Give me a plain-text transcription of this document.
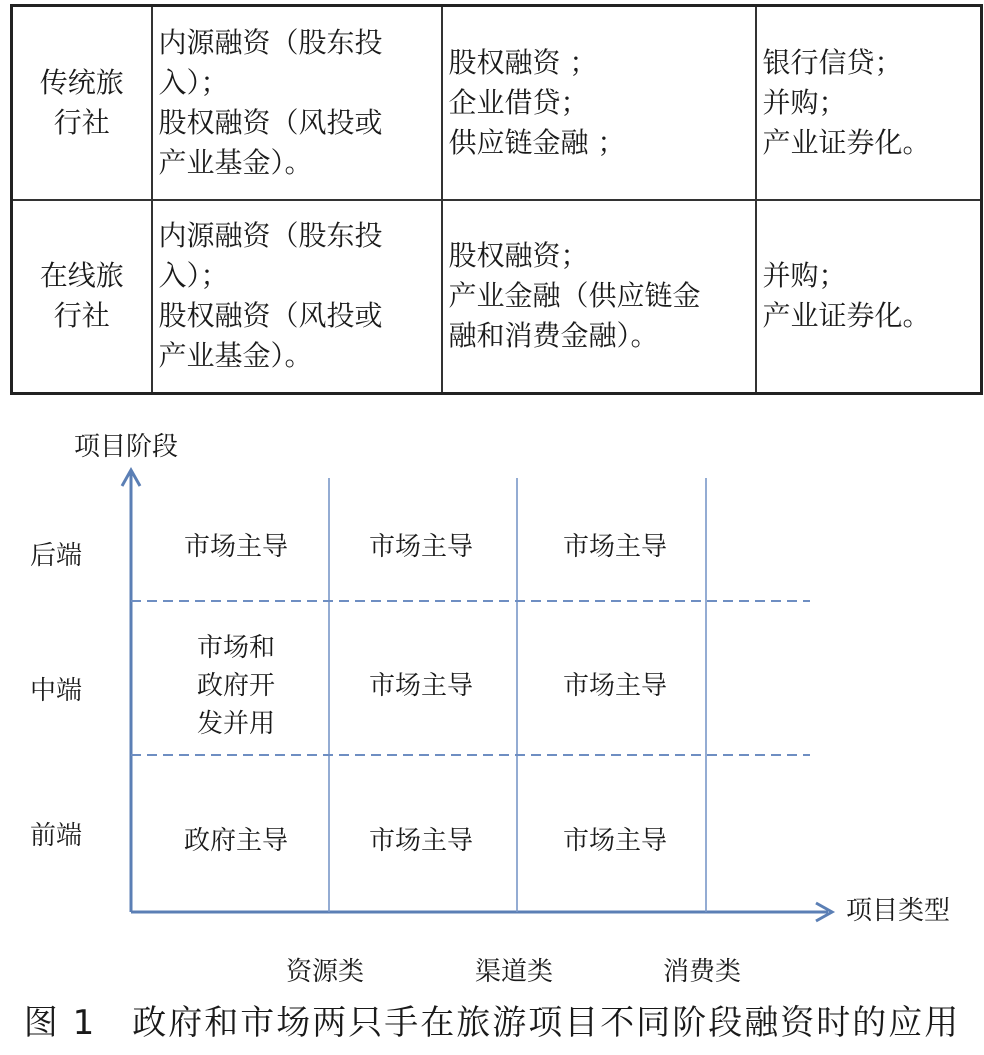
传统旅
行社	内源融资（股东投
入）；
股权融资（风投或
产业基金）。	股权融资 ；
企业借贷；
供应链金融 ；	银行信贷；
并购；
产业证券化。

在线旅
行社	内源融资（股东投
入）；
股权融资（风投或
产业基金）。	股权融资；
产业金融（供应链金
融和消费金融）。	并购；
产业证券化。
项目阶段
项目类型
后端
中端
前端
资源类	渠道类	消费类
市场主导	市场主导	市场主导
市场和
政府开
发并用
市场主导	市场主导
政府主导	市场主导	市场主导
图 1　政府和市场两只手在旅游项目不同阶段融资时的应用
